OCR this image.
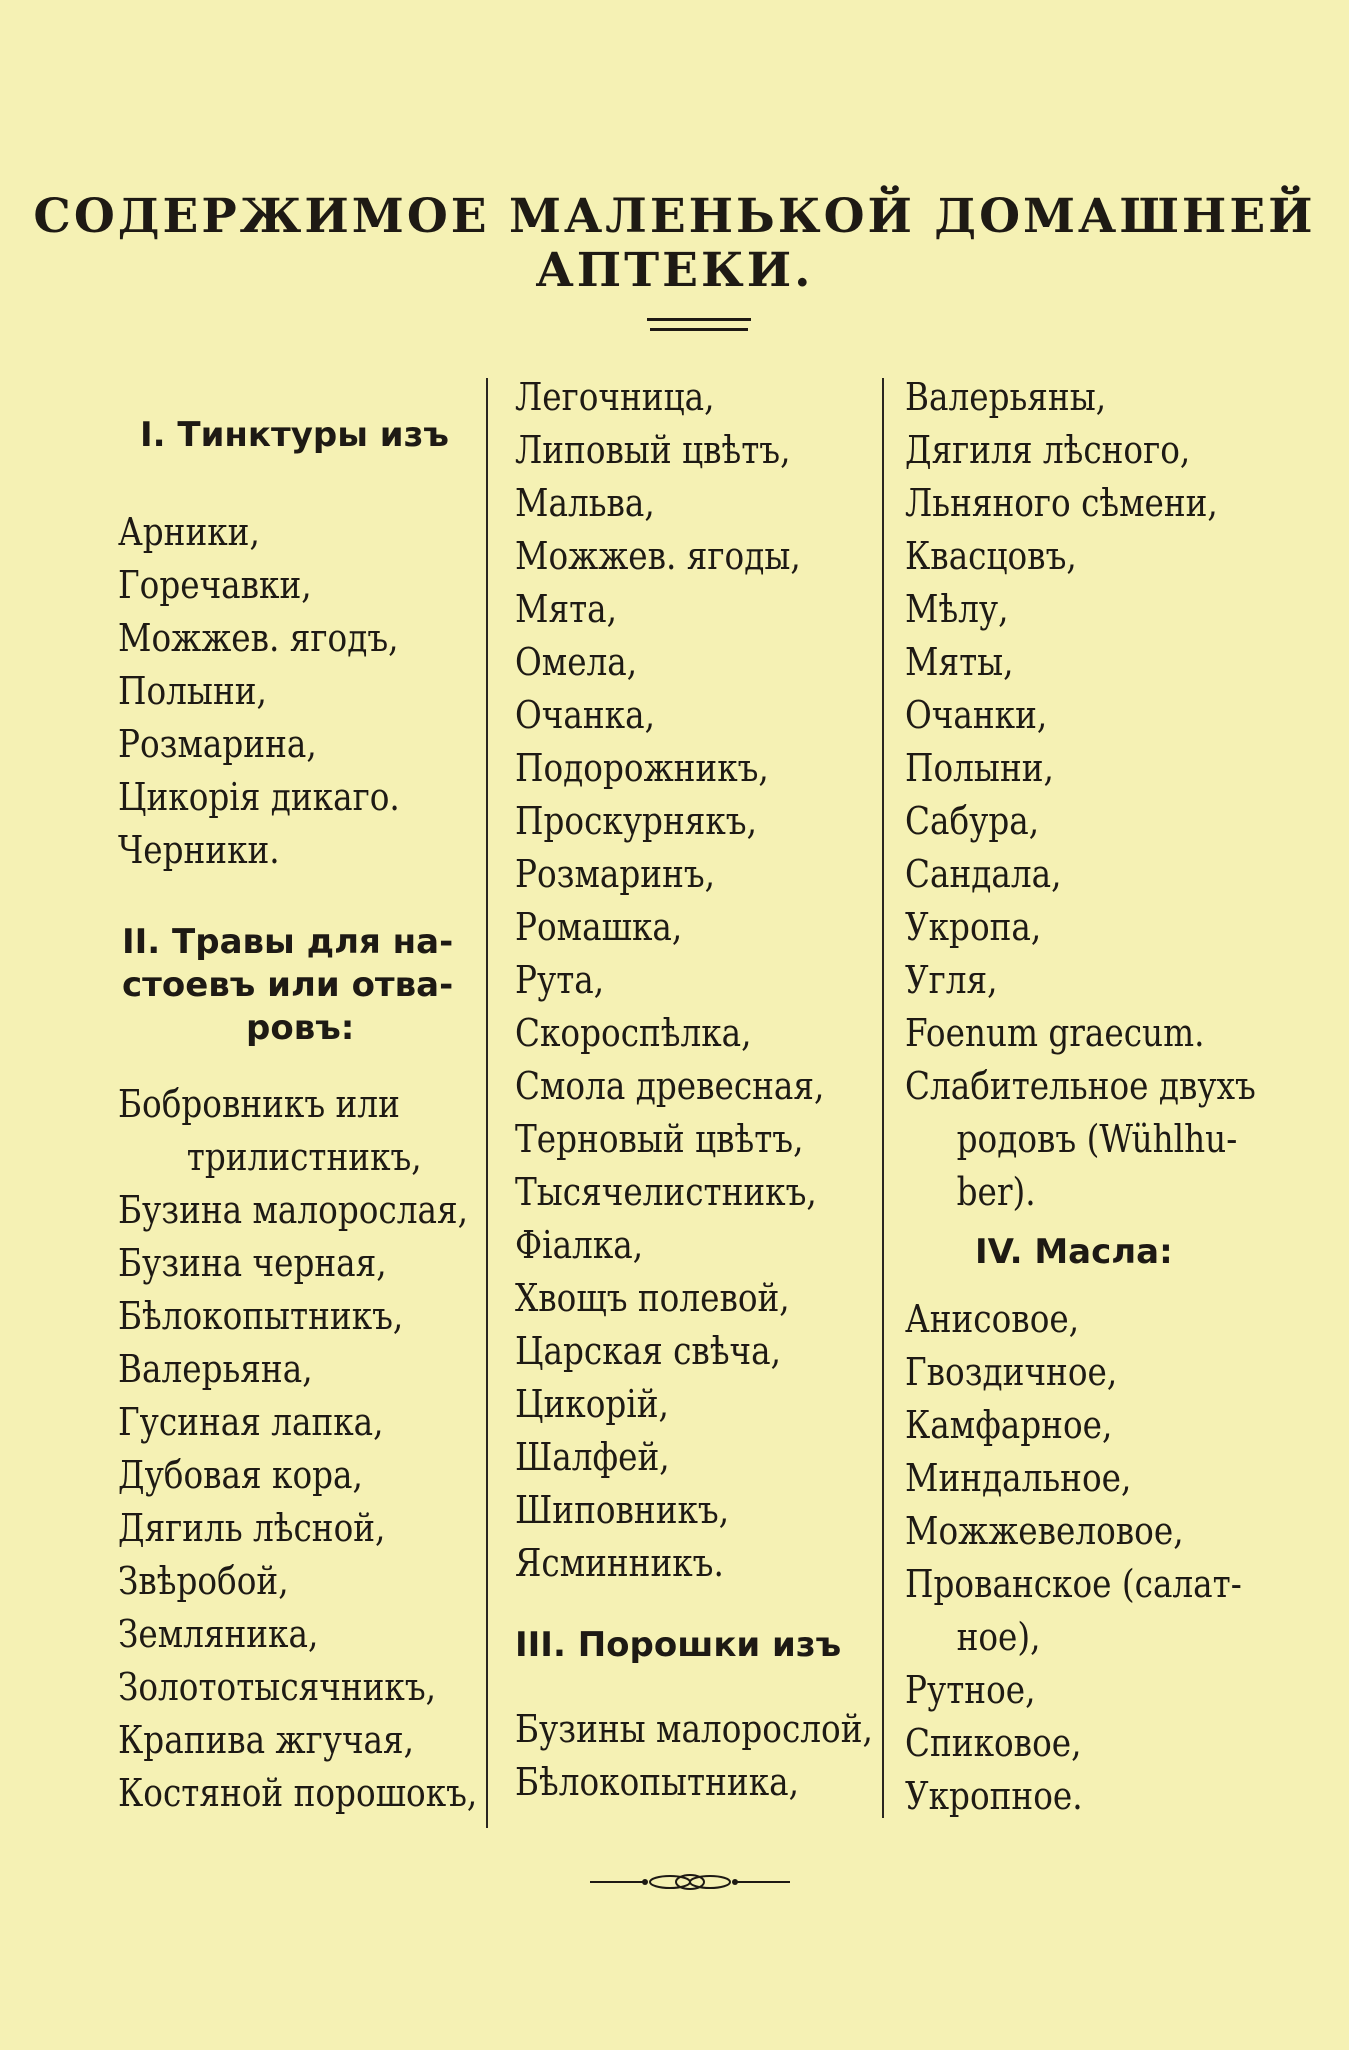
СОДЕРЖИМОЕ МАЛЕНЬКОЙ ДОМАШНЕЙ
АПТЕКИ.
I. Тинктуры изъ
Арники,
Горечавки,
Можжев. ягодъ,
Полыни,
Розмарина,
Цикорія дикаго.
Черники.
II. Травы для на-
стоевъ или отва-
ровъ:
Бобровникъ или
трилистникъ,
Бузина малорослая,
Бузина черная,
Бѣлокопытникъ,
Валерьяна,
Гусиная лапка,
Дубовая кора,
Дягиль лѣсной,
Звѣробой,
Земляника,
Золототысячникъ,
Крапива жгучая,
Костяной порошокъ,
Легочница,
Липовый цвѣтъ,
Мальва,
Можжев. ягоды,
Мята,
Омела,
Очанка,
Подорожникъ,
Проскурнякъ,
Розмаринъ,
Ромашка,
Рута,
Скороспѣлка,
Смола древесная,
Терновый цвѣтъ,
Тысячелистникъ,
Фіалка,
Хвощъ полевой,
Царская свѣча,
Цикорій,
Шалфей,
Шиповникъ,
Ясминникъ.
III. Порошки изъ
Бузины малорослой,
Бѣлокопытника,
Валерьяны,
Дягиля лѣсного,
Льняного сѣмени,
Квасцовъ,
Мѣлу,
Мяты,
Очанки,
Полыни,
Сабура,
Сандала,
Укропа,
Угля,
Foenum graecum.
Слабительное двухъ
родовъ (Wühlhu-
ber).
IV. Масла:
Анисовое,
Гвоздичное,
Камфарное,
Миндальное,
Можжевеловое,
Прованское (салат-
ное),
Рутное,
Спиковое,
Укропное.
